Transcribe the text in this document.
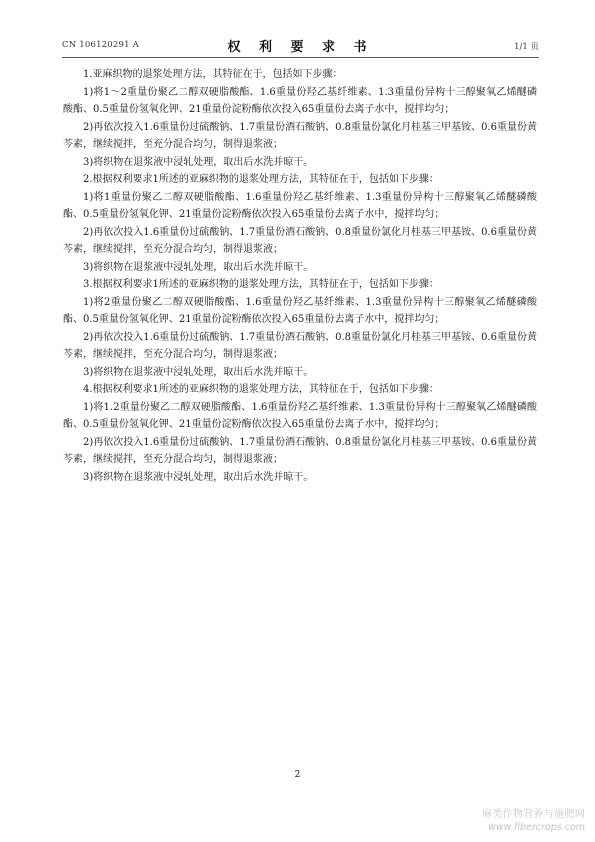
CN 106120291 A	权 利 要 求 书	1/1 页

1.亚麻织物的退浆处理方法，其特征在于，包括如下步骤：

1)将1～2重量份聚乙二醇双硬脂酸酯、1.6重量份羟乙基纤维素、1.3重量份异构十三醇聚氧乙烯醚磷酸酯、0.5重量份氢氧化钾、21重量份淀粉酶依次投入65重量份去离子水中，搅拌均匀；

2)再依次投入1.6重量份过硫酸钠、1.7重量份酒石酸钠、0.8重量份氯化月桂基三甲基铵、0.6重量份黄芩素，继续搅拌，至充分混合均匀，制得退浆液；

3)将织物在退浆液中浸轧处理，取出后水洗并晾干。

2.根据权利要求1所述的亚麻织物的退浆处理方法，其特征在于，包括如下步骤：

1)将1重量份聚乙二醇双硬脂酸酯、1.6重量份羟乙基纤维素、1.3重量份异构十三醇聚氧乙烯醚磷酸酯、0.5重量份氢氧化钾、21重量份淀粉酶依次投入65重量份去离子水中，搅拌均匀；

2)再依次投入1.6重量份过硫酸钠、1.7重量份酒石酸钠、0.8重量份氯化月桂基三甲基铵、0.6重量份黄芩素，继续搅拌，至充分混合均匀，制得退浆液；

3)将织物在退浆液中浸轧处理，取出后水洗并晾干。

3.根据权利要求1所述的亚麻织物的退浆处理方法，其特征在于，包括如下步骤：

1)将2重量份聚乙二醇双硬脂酸酯、1.6重量份羟乙基纤维素、1.3重量份异构十三醇聚氧乙烯醚磷酸酯、0.5重量份氢氧化钾、21重量份淀粉酶依次投入65重量份去离子水中，搅拌均匀；

2)再依次投入1.6重量份过硫酸钠、1.7重量份酒石酸钠、0.8重量份氯化月桂基三甲基铵、0.6重量份黄芩素，继续搅拌，至充分混合均匀，制得退浆液；

3)将织物在退浆液中浸轧处理，取出后水洗并晾干。

4.根据权利要求1所述的亚麻织物的退浆处理方法，其特征在于，包括如下步骤：

1)将1.2重量份聚乙二醇双硬脂酸酯、1.6重量份羟乙基纤维素、1.3重量份异构十三醇聚氧乙烯醚磷酸酯、0.5重量份氢氧化钾、21重量份淀粉酶依次投入65重量份去离子水中，搅拌均匀；

2)再依次投入1.6重量份过硫酸钠、1.7重量份酒石酸钠、0.8重量份氯化月桂基三甲基铵、0.6重量份黄芩素，继续搅拌，至充分混合均匀，制得退浆液；

3)将织物在退浆液中浸轧处理，取出后水洗并晾干。

2
麻类作物营养与施肥网
www.fibercrops.com
